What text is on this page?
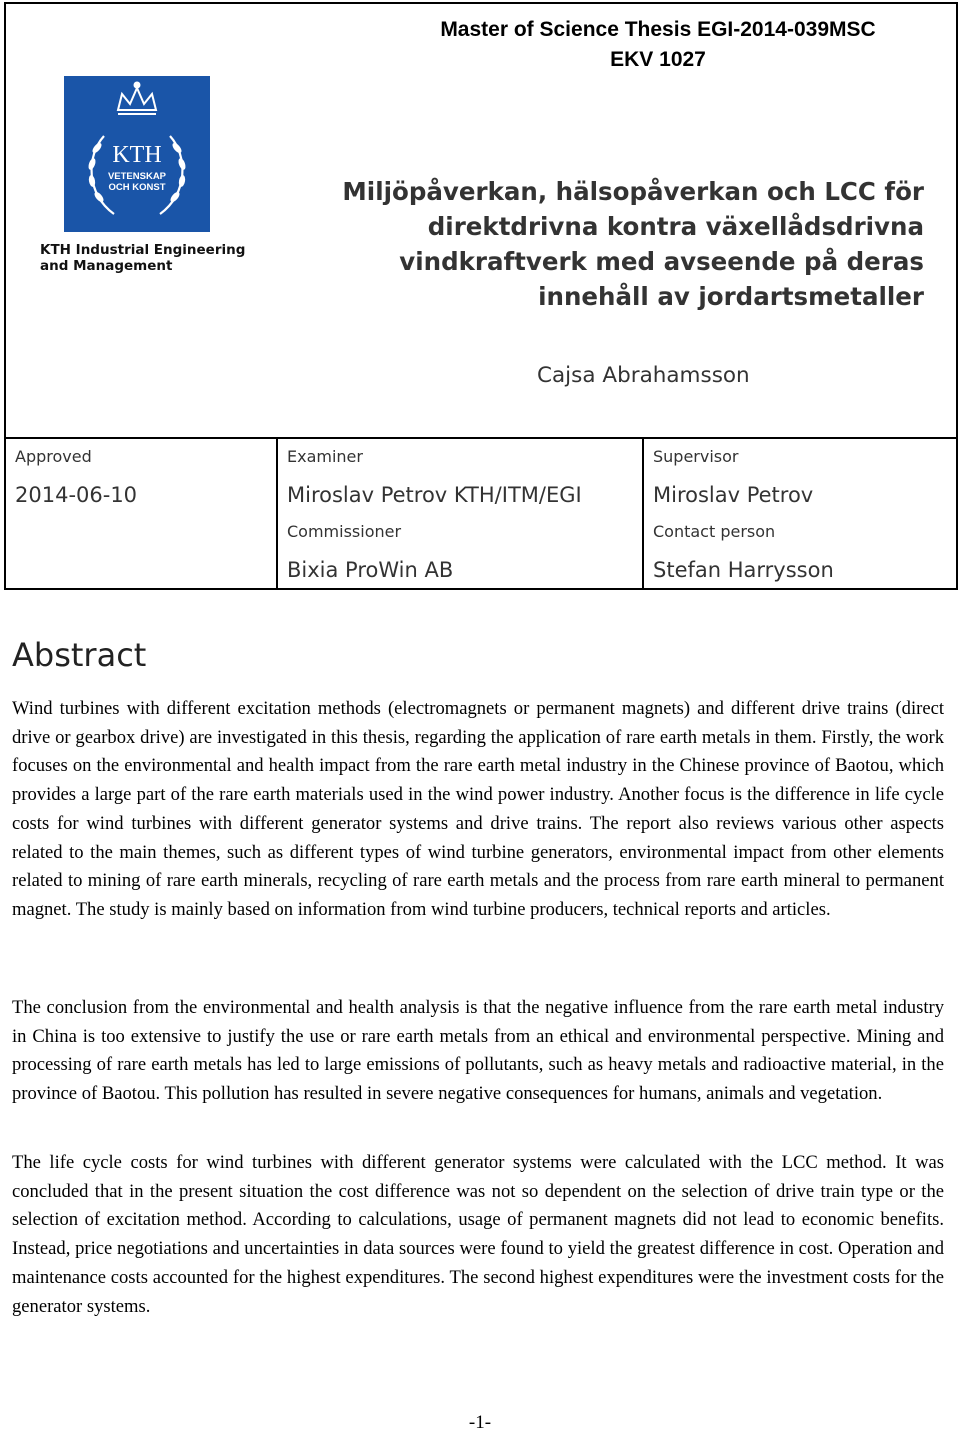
Master of Science Thesis EGI-2014-039MSC
EKV 1027
KTH
VETENSKAP
OCH KONST
KTH Industrial Engineering
and Management
Miljöpåverkan, hälsopåverkan och LCC för
direktdrivna kontra växellådsdrivna
vindkraftverk med avseende på deras
innehåll av jordartsmetaller
Cajsa Abrahamsson
Approved
2014-06-10

Examiner
Miroslav Petrov KTH/ITM/EGI
Commissioner
Bixia ProWin AB

Supervisor
Miroslav Petrov
Contact person
Stefan Harrysson
Abstract

Wind turbines with different excitation methods (electromagnets or permanent magnets) and different drive trains (direct drive or gearbox drive) are investigated in this thesis, regarding the application of rare earth metals in them. Firstly, the work focuses on the environmental and health impact from the rare earth metal industry in the Chinese province of Baotou, which provides a large part of the rare earth materials used in the wind power industry. Another focus is the difference in life cycle costs for wind turbines with different generator systems and drive trains. The report also reviews various other aspects related to the main themes, such as different types of wind turbine generators, environmental impact from other elements related to mining of rare earth minerals, recycling of rare earth metals and the process from rare earth mineral to permanent magnet. The study is mainly based on information from wind turbine producers, technical reports and articles.

The conclusion from the environmental and health analysis is that the negative influence from the rare earth metal industry in China is too extensive to justify the use or rare earth metals from an ethical and environmental perspective. Mining and processing of rare earth metals has led to large emissions of pollutants, such as heavy metals and radioactive material, in the province of Baotou. This pollution has resulted in severe negative consequences for humans, animals and vegetation.

The life cycle costs for wind turbines with different generator systems were calculated with the LCC method. It was concluded that in the present situation the cost difference was not so dependent on the selection of drive train type or the selection of excitation method. According to calculations, usage of permanent magnets did not lead to economic benefits. Instead, price negotiations and uncertainties in data sources were found to yield the greatest difference in cost. Operation and maintenance costs accounted for the highest expenditures. The second highest expenditures were the investment costs for the generator systems.

-1-
